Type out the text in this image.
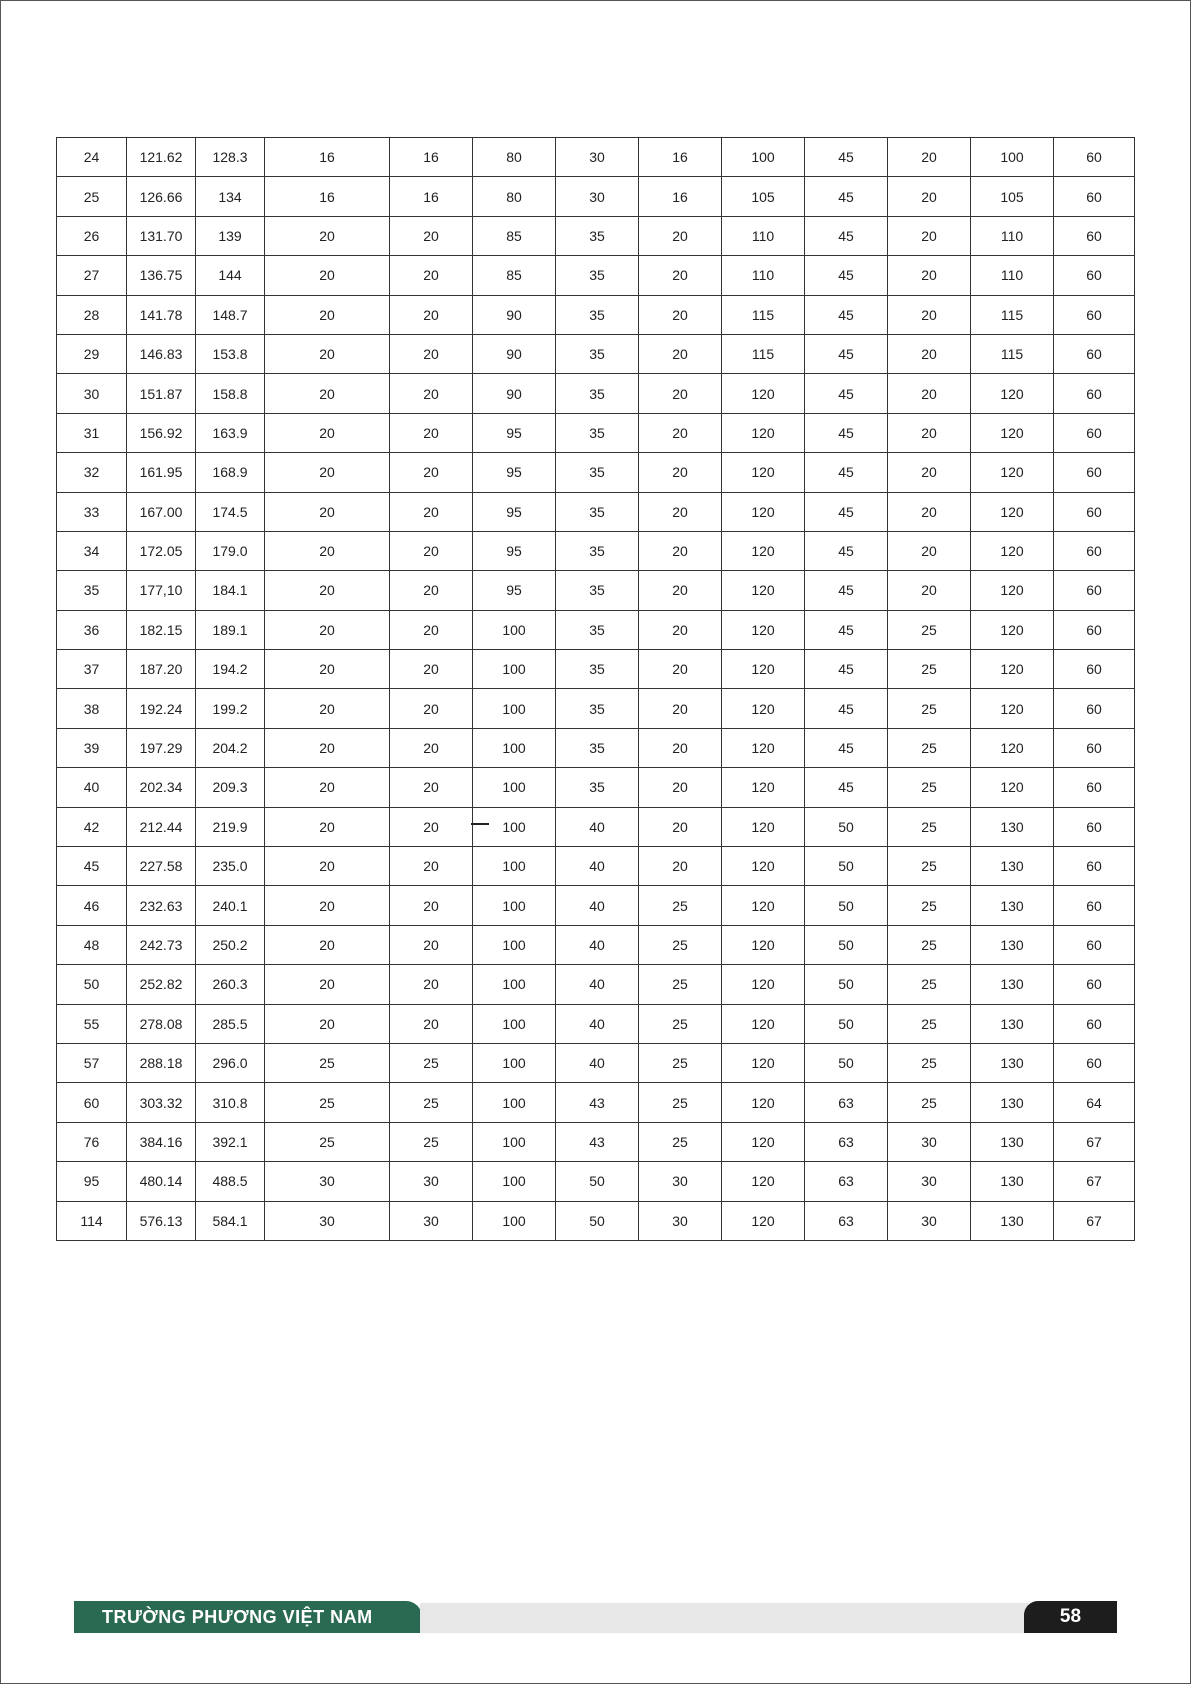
24	121.62	128.3	16	16	80	30	16	100	45	20	100	60
25	126.66	134	16	16	80	30	16	105	45	20	105	60
26	131.70	139	20	20	85	35	20	110	45	20	110	60
27	136.75	144	20	20	85	35	20	110	45	20	110	60
28	141.78	148.7	20	20	90	35	20	115	45	20	115	60
29	146.83	153.8	20	20	90	35	20	115	45	20	115	60
30	151.87	158.8	20	20	90	35	20	120	45	20	120	60
31	156.92	163.9	20	20	95	35	20	120	45	20	120	60
32	161.95	168.9	20	20	95	35	20	120	45	20	120	60
33	167.00	174.5	20	20	95	35	20	120	45	20	120	60
34	172.05	179.0	20	20	95	35	20	120	45	20	120	60
35	177,10	184.1	20	20	95	35	20	120	45	20	120	60
36	182.15	189.1	20	20	100	35	20	120	45	25	120	60
37	187.20	194.2	20	20	100	35	20	120	45	25	120	60
38	192.24	199.2	20	20	100	35	20	120	45	25	120	60
39	197.29	204.2	20	20	100	35	20	120	45	25	120	60
40	202.34	209.3	20	20	100	35	20	120	45	25	120	60
42	212.44	219.9	20	20	100	40	20	120	50	25	130	60
45	227.58	235.0	20	20	100	40	20	120	50	25	130	60
46	232.63	240.1	20	20	100	40	25	120	50	25	130	60
48	242.73	250.2	20	20	100	40	25	120	50	25	130	60
50	252.82	260.3	20	20	100	40	25	120	50	25	130	60
55	278.08	285.5	20	20	100	40	25	120	50	25	130	60
57	288.18	296.0	25	25	100	40	25	120	50	25	130	60
60	303.32	310.8	25	25	100	43	25	120	63	25	130	64
76	384.16	392.1	25	25	100	43	25	120	63	30	130	67
95	480.14	488.5	30	30	100	50	30	120	63	30	130	67
114	576.13	584.1	30	30	100	50	30	120	63	30	130	67
TRƯỜNG PHƯƠNG VIỆT NAM	58
